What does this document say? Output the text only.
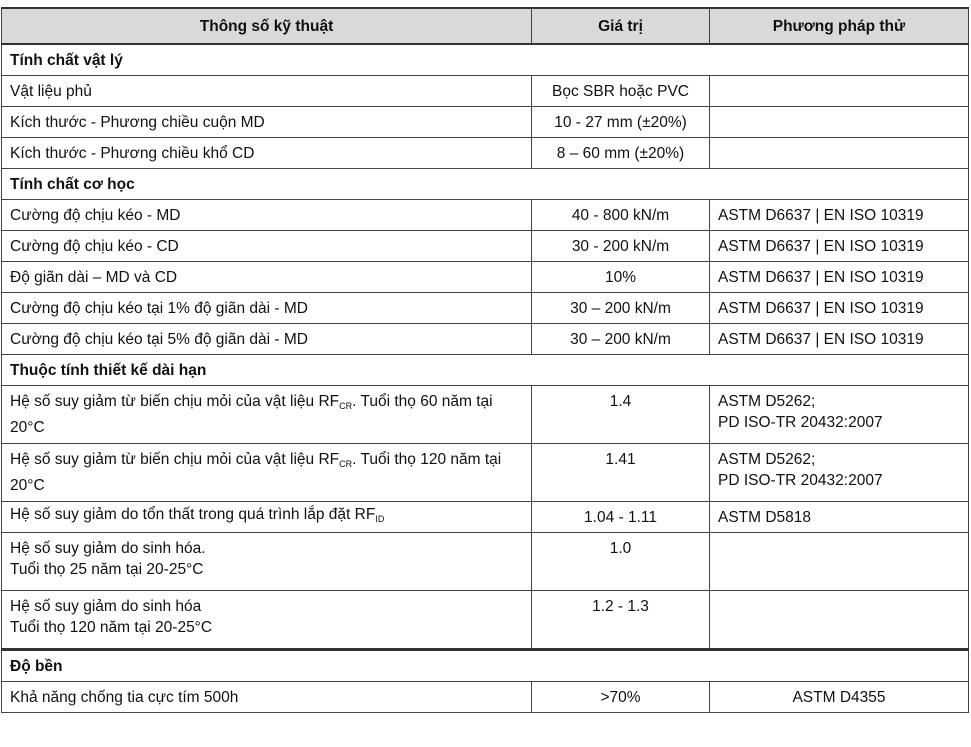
Thông số kỹ thuật	Giá trị	Phương pháp thử
Tính chất vật lý		
Vật liệu phủ	Bọc SBR hoặc PVC	
Kích thước - Phương chiều cuộn MD	10 - 27 mm (±20%)	
Kích thước - Phương chiều khổ CD	8 – 60 mm (±20%)	
Tính chất cơ học		
Cường độ chịu kéo - MD	40 - 800 kN/m	ASTM D6637 | EN ISO 10319
Cường độ chịu kéo - CD	30 - 200 kN/m	ASTM D6637 | EN ISO 10319
Độ giãn dài – MD và CD	10%	ASTM D6637 | EN ISO 10319
Cường độ chịu kéo tại 1% độ giãn dài - MD	30 – 200 kN/m	ASTM D6637 | EN ISO 10319
Cường độ chịu kéo tại 5% độ giãn dài - MD	30 – 200 kN/m	ASTM D6637 | EN ISO 10319
Thuộc tính thiết kế dài hạn		
Hệ số suy giảm từ biến chịu mỏi của vật liệu $RF_{CR}$. Tuổi thọ 60 năm tại 20°C	1.4	ASTM D5262;
PD ISO-TR 20432:2007

Hệ số suy giảm từ biến chịu mỏi của vật liệu $RF_{CR}$. Tuổi thọ 120 năm tại 20°C	1.41	ASTM D5262;
PD ISO-TR 20432:2007

Hệ số suy giảm do tổn thất trong quá trình lắp đặt $RF_{ID}$	1.04 - 1.11	ASTM D5818

Hệ số suy giảm do sinh hóa.
Tuổi thọ 25 năm tại 20-25°C	1.0	

Hệ số suy giảm do sinh hóa
Tuổi thọ 120 năm tại 20-25°C	1.2 - 1.3	
Độ bền		
Khả năng chống tia cực tím 500h	>70%	ASTM D4355
